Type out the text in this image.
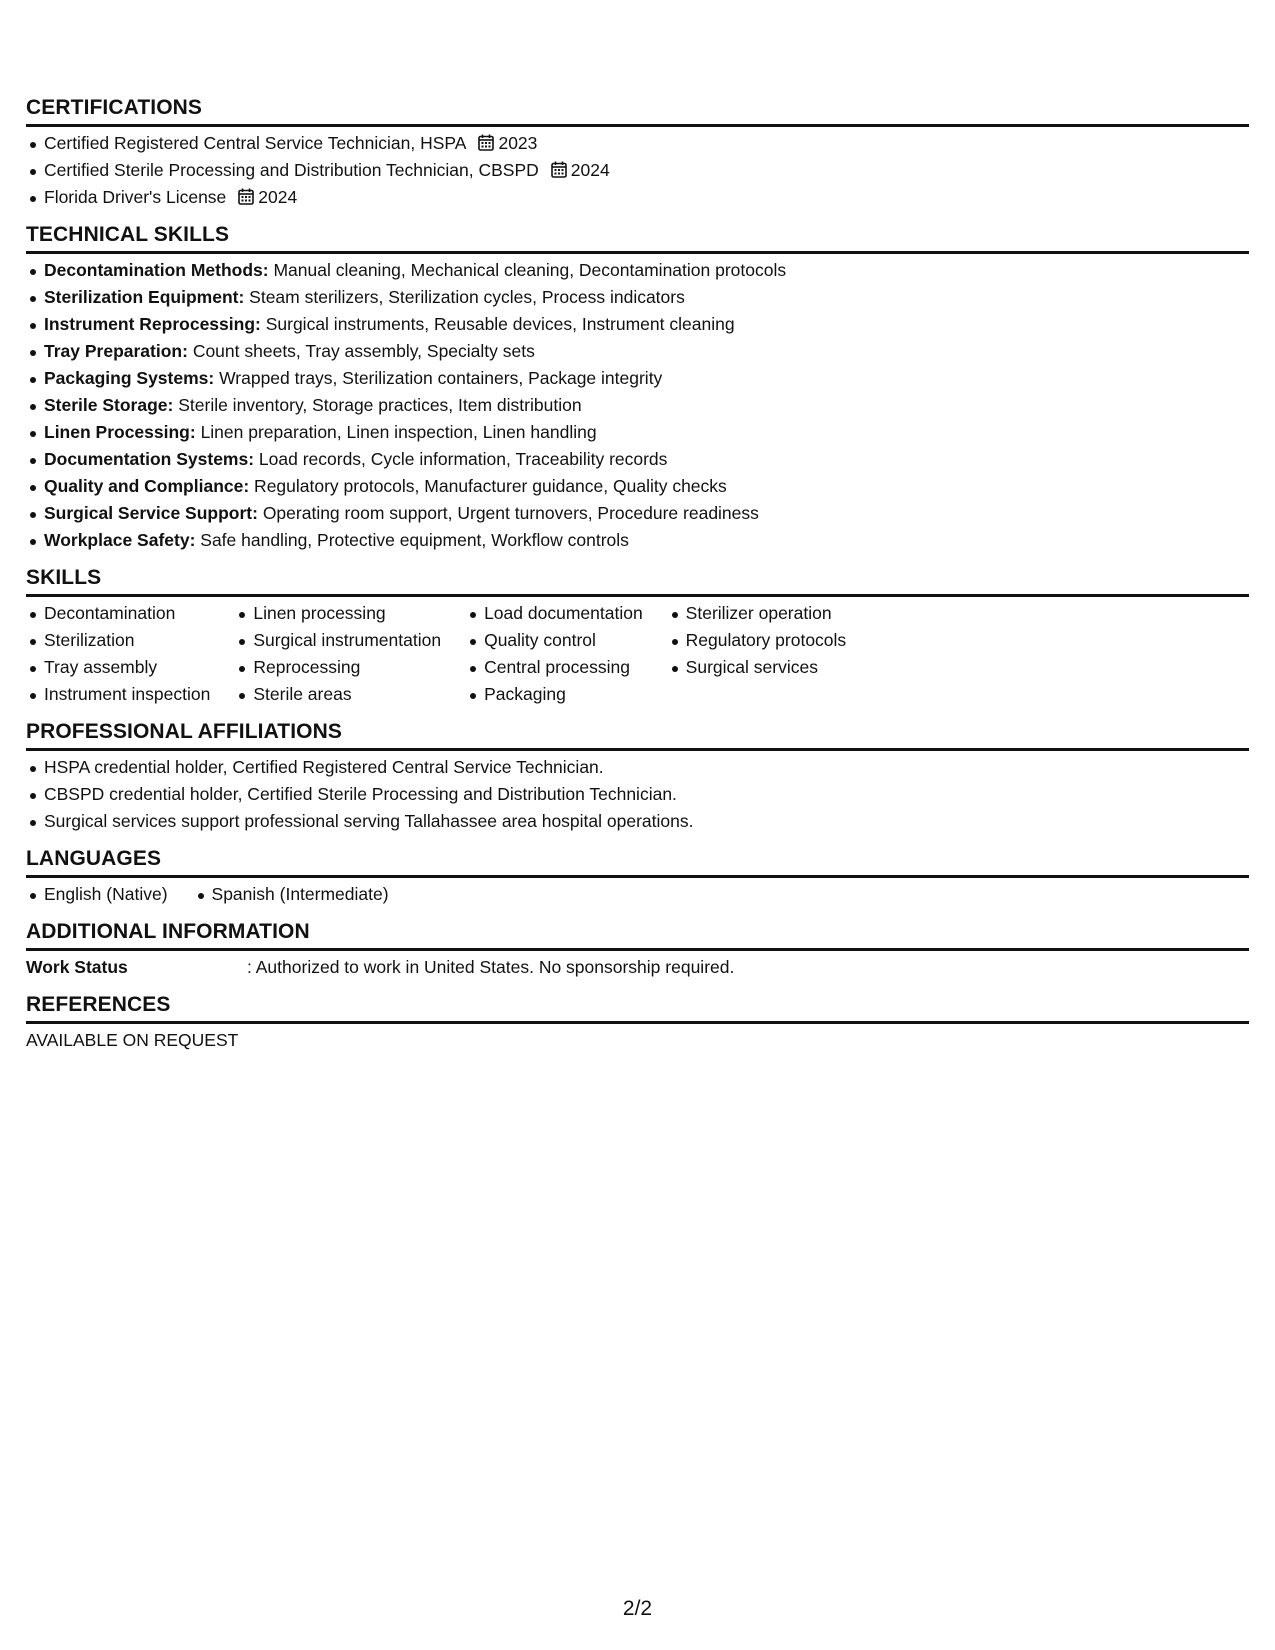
CERTIFICATIONS
Certified Registered Central Service Technician, HSPA 2023
Certified Sterile Processing and Distribution Technician, CBSPD 2024
Florida Driver's License 2024
TECHNICAL SKILLS
Decontamination Methods: Manual cleaning, Mechanical cleaning, Decontamination protocols
Sterilization Equipment: Steam sterilizers, Sterilization cycles, Process indicators
Instrument Reprocessing: Surgical instruments, Reusable devices, Instrument cleaning
Tray Preparation: Count sheets, Tray assembly, Specialty sets
Packaging Systems: Wrapped trays, Sterilization containers, Package integrity
Sterile Storage: Sterile inventory, Storage practices, Item distribution
Linen Processing: Linen preparation, Linen inspection, Linen handling
Documentation Systems: Load records, Cycle information, Traceability records
Quality and Compliance: Regulatory protocols, Manufacturer guidance, Quality checks
Surgical Service Support: Operating room support, Urgent turnovers, Procedure readiness
Workplace Safety: Safe handling, Protective equipment, Workflow controls
SKILLS
Decontamination
Sterilization
Tray assembly
Instrument inspection
Linen processing
Surgical instrumentation
Reprocessing
Sterile areas
Load documentation
Quality control
Central processing
Packaging
Sterilizer operation
Regulatory protocols
Surgical services
PROFESSIONAL AFFILIATIONS
HSPA credential holder, Certified Registered Central Service Technician.
CBSPD credential holder, Certified Sterile Processing and Distribution Technician.
Surgical services support professional serving Tallahassee area hospital operations.
LANGUAGES
English (Native)	Spanish (Intermediate)
ADDITIONAL INFORMATION
Work Status	: Authorized to work in United States. No sponsorship required.
REFERENCES
AVAILABLE ON REQUEST
2/2
